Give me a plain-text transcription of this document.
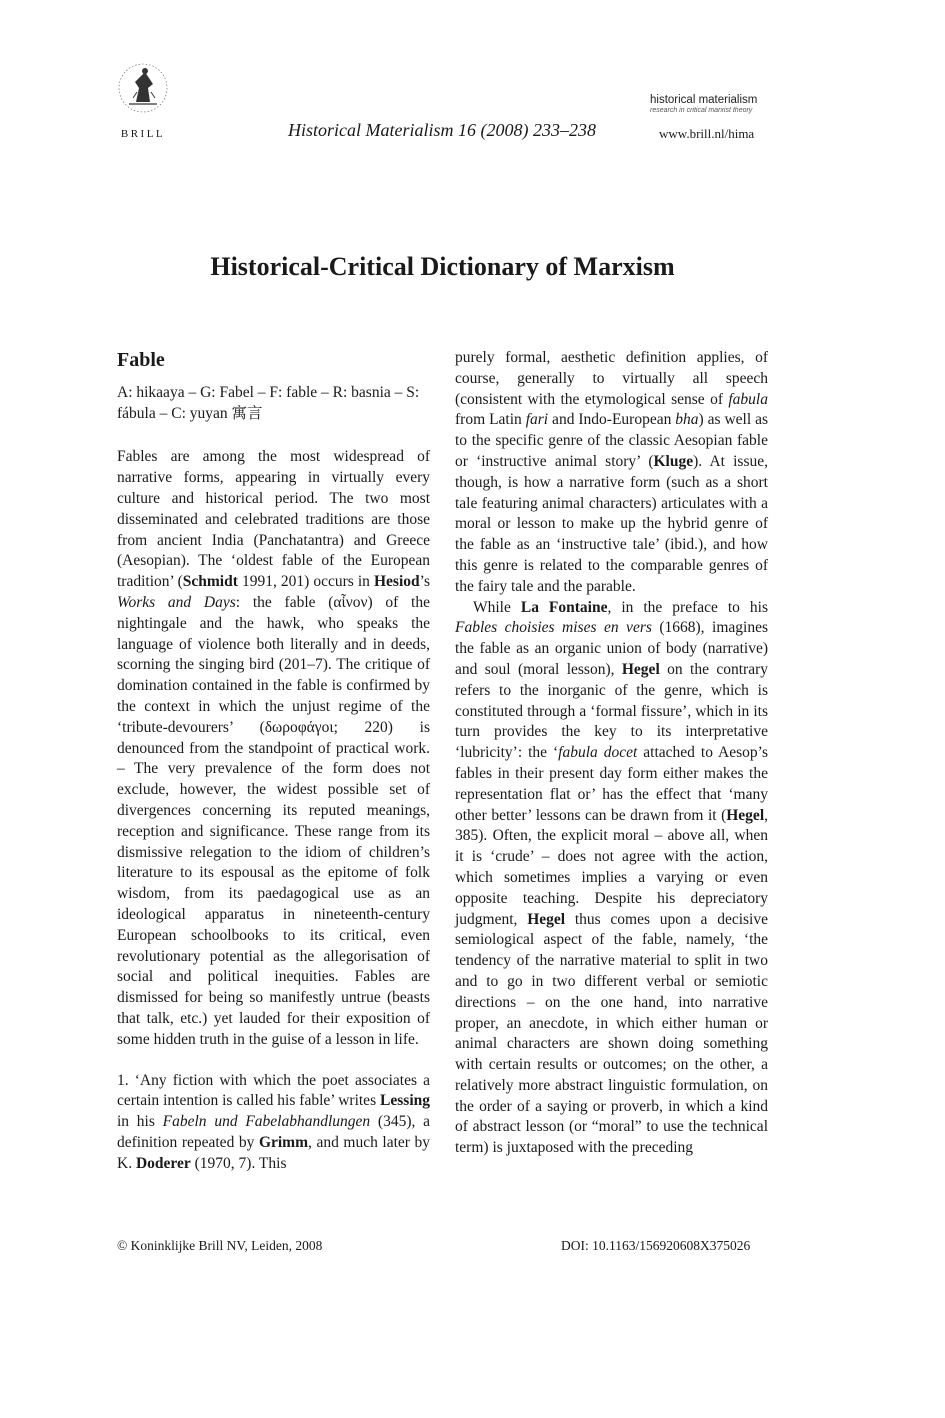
BRILL	Historical Materialism 16 (2008) 233–238
historical materialism
research in critical marxist theory
www.brill.nl/hima
Historical-Critical Dictionary of Marxism
Fable

A: hikaaya – G: Fabel – F: fable – R: basnia – S: fábula – C: yuyan 寓言

Fables are among the most widespread of narrative forms, appearing in virtually every culture and historical period. The two most disseminated and celebrated traditions are those from ancient India (Panchatantra) and Greece (Aesopian). The ‘oldest fable of the European tradition’ (Schmidt 1991, 201) occurs in Hesiod’s Works and Days: the fable (αἶνον) of the nightingale and the hawk, who speaks the language of violence both literally and in deeds, scorning the singing bird (201–7). The critique of domination contained in the fable is confirmed by the context in which the unjust regime of the ‘tribute-devourers’ (δωροφάγοι; 220) is denounced from the standpoint of practical work. – The very prevalence of the form does not exclude, however, the widest possible set of divergences concerning its reputed meanings, reception and significance. These range from its dismissive relegation to the idiom of children’s literature to its espousal as the epitome of folk wisdom, from its paedagogical use as an ideological apparatus in nineteenth-century European schoolbooks to its critical, even revolutionary potential as the allegorisation of social and political inequities. Fables are dismissed for being so manifestly untrue (beasts that talk, etc.) yet lauded for their exposition of some hidden truth in the guise of a lesson in life.

1. ‘Any fiction with which the poet associates a certain intention is called his fable’ writes Lessing in his Fabeln und Fabelabhandlungen (345), a definition repeated by Grimm, and much later by K. Doderer (1970, 7). This

purely formal, aesthetic definition applies, of course, generally to virtually all speech (consistent with the etymological sense of fabula from Latin fari and Indo-European bha) as well as to the specific genre of the classic Aesopian fable or ‘instructive animal story’ (Kluge). At issue, though, is how a narrative form (such as a short tale featuring animal characters) articulates with a moral or lesson to make up the hybrid genre of the fable as an ‘instructive tale’ (ibid.), and how this genre is related to the comparable genres of the fairy tale and the parable.

While La Fontaine, in the preface to his Fables choisies mises en vers (1668), imagines the fable as an organic union of body (narrative) and soul (moral lesson), Hegel on the contrary refers to the inorganic of the genre, which is constituted through a ‘formal fissure’, which in its turn provides the key to its interpretative ‘lubricity’: the ‘fabula docet attached to Aesop’s fables in their present day form either makes the representation flat or’ has the effect that ‘many other better’ lessons can be drawn from it (Hegel, 385). Often, the explicit moral – above all, when it is ‘crude’ – does not agree with the action, which sometimes implies a varying or even opposite teaching. Despite his depreciatory judgment, Hegel thus comes upon a decisive semiological aspect of the fable, namely, ‘the tendency of the narrative material to split in two and to go in two different verbal or semiotic directions – on the one hand, into narrative proper, an anecdote, in which either human or animal characters are shown doing something with certain results or outcomes; on the other, a relatively more abstract linguistic formulation, on the order of a saying or proverb, in which a kind of abstract lesson (or “moral” to use the technical term) is juxtaposed with the preceding

© Koninklijke Brill NV, Leiden, 2008	DOI: 10.1163/156920608X375026
